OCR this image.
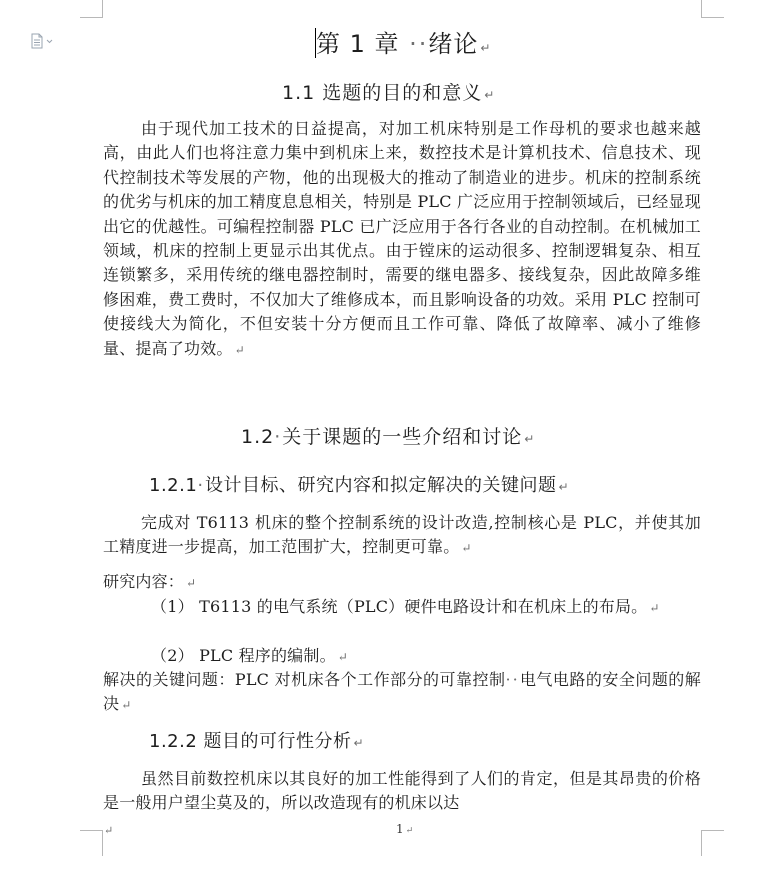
第 1 章 ··绪论 ↵
1.1 选题的目的和意义 ↵
由于现代加工技术的日益提高，对加工机床特别是工作母机的要求也越来越高，由此人们也将注意力集中到机床上来，数控技术是计算机技术、信息技术、现代控制技术等发展的产物，他的出现极大的推动了制造业的进步。机床的控制系统的优劣与机床的加工精度息息相关，特别是 PLC 广泛应用于控制领域后，已经显现出它的优越性。可编程控制器 PLC 已广泛应用于各行各业的自动控制。在机械加工领域，机床的控制上更显示出其优点。由于镗床的运动很多、控制逻辑复杂、相互连锁繁多，采用传统的继电器控制时，需要的继电器多、接线复杂，因此故障多维修困难，费工费时，不仅加大了维修成本，而且影响设备的功效。采用 PLC 控制可使接线大为简化，不但安装十分方便而且工作可靠、降低了故障率、减小了维修量、提高了功效。 ↵
1.2·关于课题的一些介绍和讨论 ↵
1.2.1·设计目标、研究内容和拟定解决的关键问题 ↵
完成对 T6113 机床的整个控制系统的设计改造,控制核心是 PLC，并使其加工精度进一步提高，加工范围扩大，控制更可靠。 ↵
研究内容： ↵
（1） T6113 的电气系统（PLC）硬件电路设计和在机床上的布局。 ↵
（2） PLC 程序的编制。 ↵
解决的关键问题：PLC 对机床各个工作部分的可靠控制··电气电路的安全问题的解决 ↵
1.2.2 题目的可行性分析 ↵
虽然目前数控机床以其良好的加工性能得到了人们的肯定，但是其昂贵的价格是一般用户望尘莫及的，所以改造现有的机床以达
↵	1 ↵
